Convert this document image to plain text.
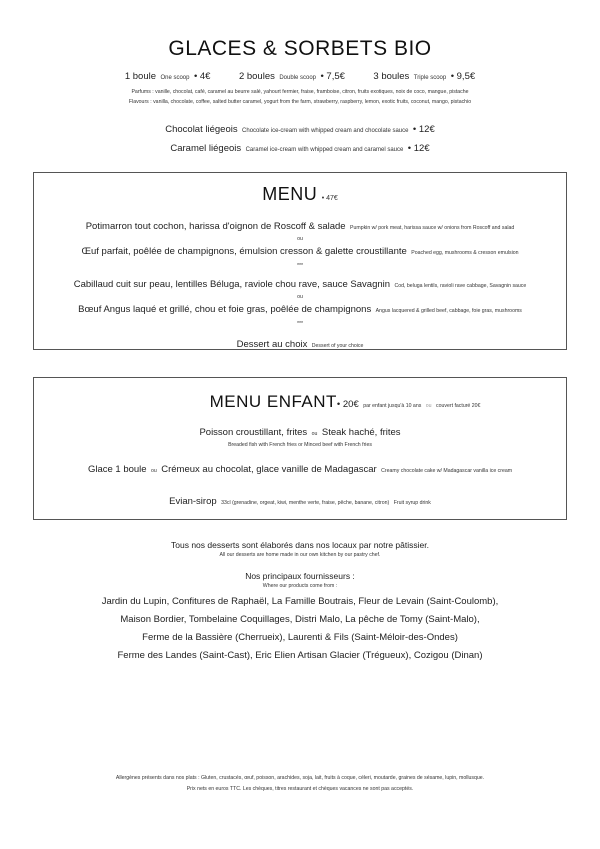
GLACES & SORBETS BIO
1 boule One scoop • 4€	2 boules Double scoop • 7,5€	3 boules Triple scoop • 9,5€
Parfums : vanille, chocolat, café, caramel au beurre salé, yahourt fermier, fraise, framboise, citron, fruits exotiques, noix de coco, mangue, pistache
Flavours : vanilla, chocolate, coffee, salted butter caramel, yogurt from the farm, strawberry, raspberry, lemon, exotic fruits, coconut, mango, pistachio
Chocolat liégeois Chocolate ice-cream with whipped cream and chocolate sauce • 12€
Caramel liégeois Caramel ice-cream with whipped cream and caramel sauce • 12€
MENU • 47€
Potimarron tout cochon, harissa d'oignon de Roscoff & salade Pumpkin w/ pork meat, harissa sauce w/ onions from Roscoff and salad
ou
Œuf parfait, poêlée de champignons, émulsion cresson & galette croustillante Poached egg, mushrooms & cresson emulsion
***
Cabillaud cuit sur peau, lentilles Béluga, raviole chou rave, sauce Savagnin Cod, beluga lentils, ravioli rave cabbage, Savagnin sauce
ou
Bœuf Angus laqué et grillé, chou et foie gras, poêlée de champignons Angus lacquered & grilled beef, cabbage, foie gras, mushrooms
***
Dessert au choix Dessert of your choice
MENU ENFANT• 20€ par enfant jusqu'à 10 ans ou couvert facturé 20€
Poisson croustillant, frites ou Steak haché, frites
Breaded fish with French fries or Minced beef with French fries
Glace 1 boule ou Crémeux au chocolat, glace vanille de Madagascar Creamy chocolate cake w/ Madagascar vanilla ice cream
Evian-sirop 33cl (grenadine, orgeat, kiwi, menthe verte, fraise, pêche, banane, citron) Fruit syrup drink
Tous nos desserts sont élaborés dans nos locaux par notre pâtissier.
All our desserts are home made in our own kitchen by our pastry chef.
Nos principaux fournisseurs :
Where our products come from :
Jardin du Lupin, Confitures de Raphaël, La Famille Boutrais, Fleur de Levain (Saint-Coulomb),
Maison Bordier, Tombelaine Coquillages, Distri Malo, La pêche de Tomy (Saint-Malo),
Ferme de la Bassière (Cherrueix), Laurenti & Fils (Saint-Méloir-des-Ondes)
Ferme des Landes (Saint-Cast), Eric Elien Artisan Glacier (Trégueux), Cozigou (Dinan)
Allergènes présents dans nos plats : Gluten, crustacés, œuf, poisson, arachides, soja, lait, fruits à coque, céleri, moutarde, graines de sésame, lupin, mollusque.
Prix nets en euros TTC. Les chèques, titres restaurant et chèques vacances ne sont pas acceptés.
